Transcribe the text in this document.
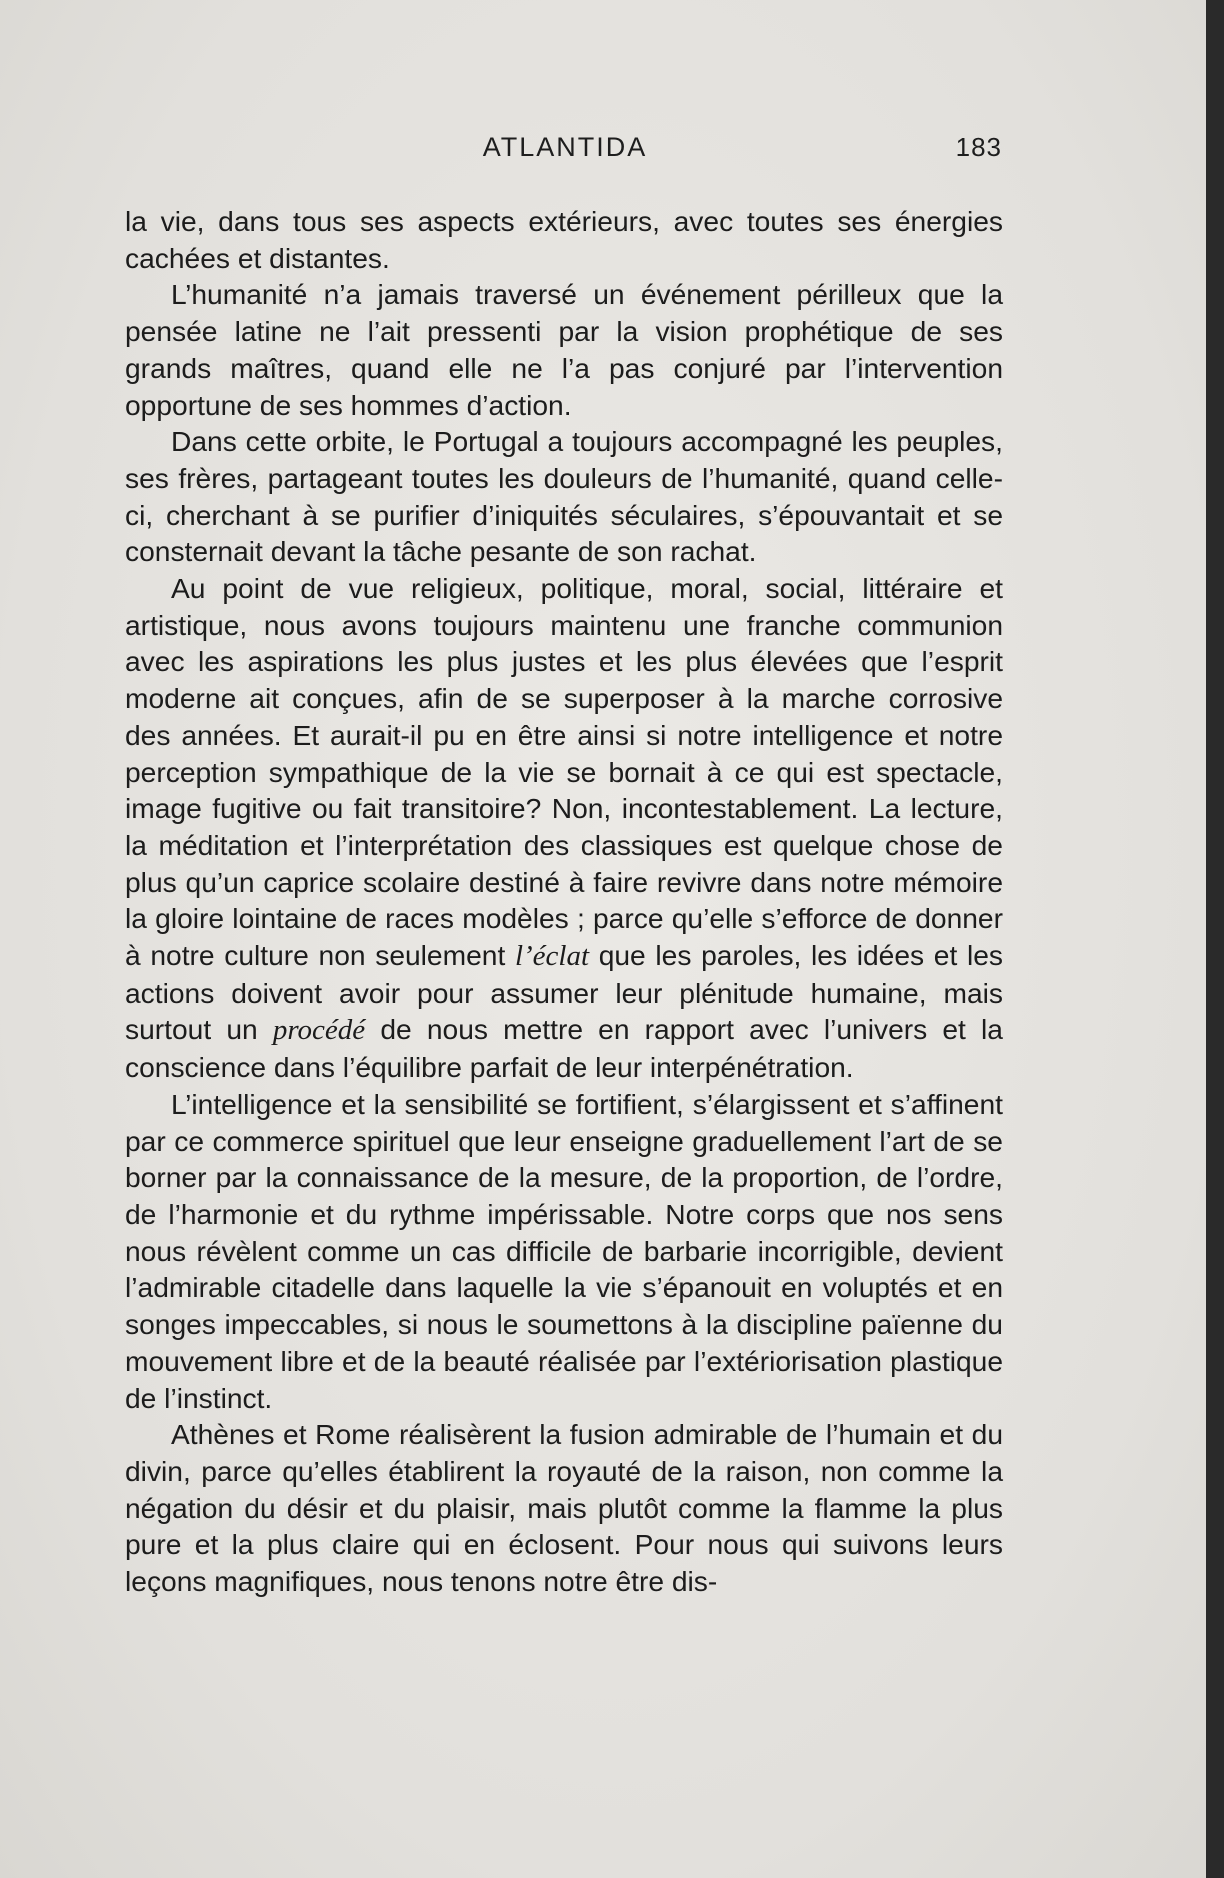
ATLANTIDA	183

la vie, dans tous ses aspects extérieurs, avec toutes ses énergies cachées et distantes.

L’humanité n’a jamais traversé un événement périlleux que la pensée latine ne l’ait pressenti par la vision prophétique de ses grands maîtres, quand elle ne l’a pas conjuré par l’intervention opportune de ses hommes d’action.

Dans cette orbite, le Portugal a toujours accompagné les peuples, ses frères, partageant toutes les douleurs de l’humanité, quand celle-ci, cherchant à se purifier d’iniquités séculaires, s’épouvantait et se consternait devant la tâche pesante de son rachat.

Au point de vue religieux, politique, moral, social, littéraire et artistique, nous avons toujours maintenu une franche communion avec les aspirations les plus justes et les plus élevées que l’esprit moderne ait conçues, afin de se superposer à la marche corrosive des années. Et aurait-il pu en être ainsi si notre intelligence et notre perception sympathique de la vie se bornait à ce qui est spectacle, image fugitive ou fait transitoire? Non, incontestablement. La lecture, la méditation et l’interprétation des classiques est quelque chose de plus qu’un caprice scolaire destiné à faire revivre dans notre mémoire la gloire lointaine de races modèles ; parce qu’elle s’efforce de donner à notre culture non seulement l’éclat que les paroles, les idées et les actions doivent avoir pour assumer leur plénitude humaine, mais surtout un procédé de nous mettre en rapport avec l’univers et la conscience dans l’équilibre parfait de leur interpénétration.

L’intelligence et la sensibilité se fortifient, s’élargissent et s’affinent par ce commerce spirituel que leur enseigne graduellement l’art de se borner par la connaissance de la mesure, de la proportion, de l’ordre, de l’harmonie et du rythme impérissable. Notre corps que nos sens nous révèlent comme un cas difficile de barbarie incorrigible, devient l’admirable citadelle dans laquelle la vie s’épanouit en voluptés et en songes impeccables, si nous le soumettons à la discipline païenne du mouvement libre et de la beauté réalisée par l’extériorisation plastique de l’instinct.

Athènes et Rome réalisèrent la fusion admirable de l’humain et du divin, parce qu’elles établirent la royauté de la raison, non comme la négation du désir et du plaisir, mais plutôt comme la flamme la plus pure et la plus claire qui en éclosent. Pour nous qui suivons leurs leçons magnifiques, nous tenons notre être dis-
